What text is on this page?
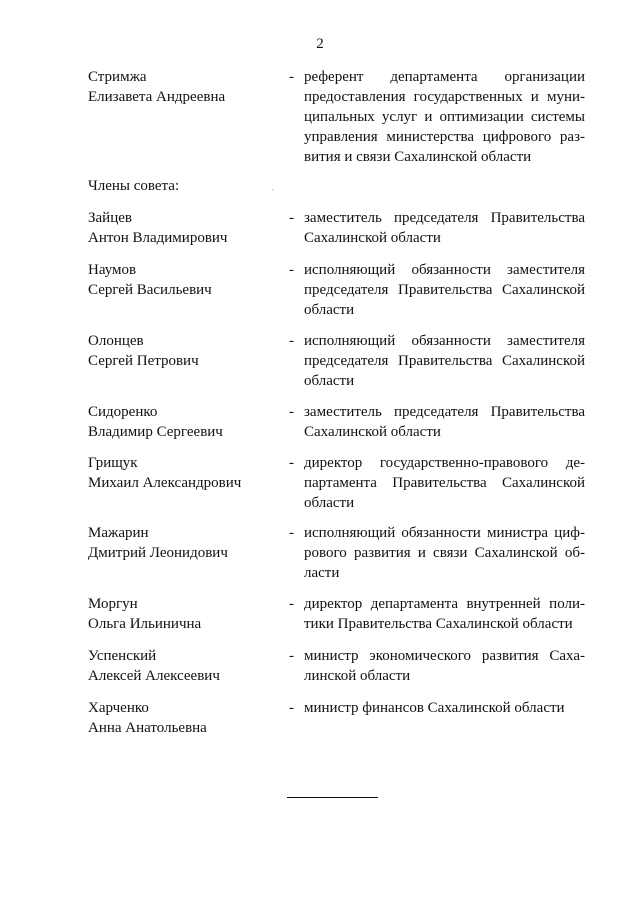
2
Стримжа
Елизавета Андреевна
- референт департамента организации
предоставления государственных и муни-
ципальных услуг и оптимизации системы
управления министерства цифрового раз-
вития и связи Сахалинской области
Члены совета:	`
Зайцев
Антон Владимирович
- заместитель председателя Правительства
Сахалинской области
Наумов
Сергей Васильевич
- исполняющий обязанности заместителя
председателя Правительства Сахалинской
области
Олонцев
Сергей Петрович
- исполняющий обязанности заместителя
председателя Правительства Сахалинской
области
Сидоренко
Владимир Сергеевич
- заместитель председателя Правительства
Сахалинской области
Грищук
Михаил Александрович
- директор государственно-правового де-
партамента Правительства Сахалинской
области
Мажарин
Дмитрий Леонидович
- исполняющий обязанности министра циф-
рового развития и связи Сахалинской об-
ласти
Моргун
Ольга Ильинична
- директор департамента внутренней поли-
тики Правительства Сахалинской области
Успенский
Алексей Алексеевич
- министр экономического развития Саха-
линской области
Харченко
Анна Анатольевна
- министр финансов Сахалинской области
